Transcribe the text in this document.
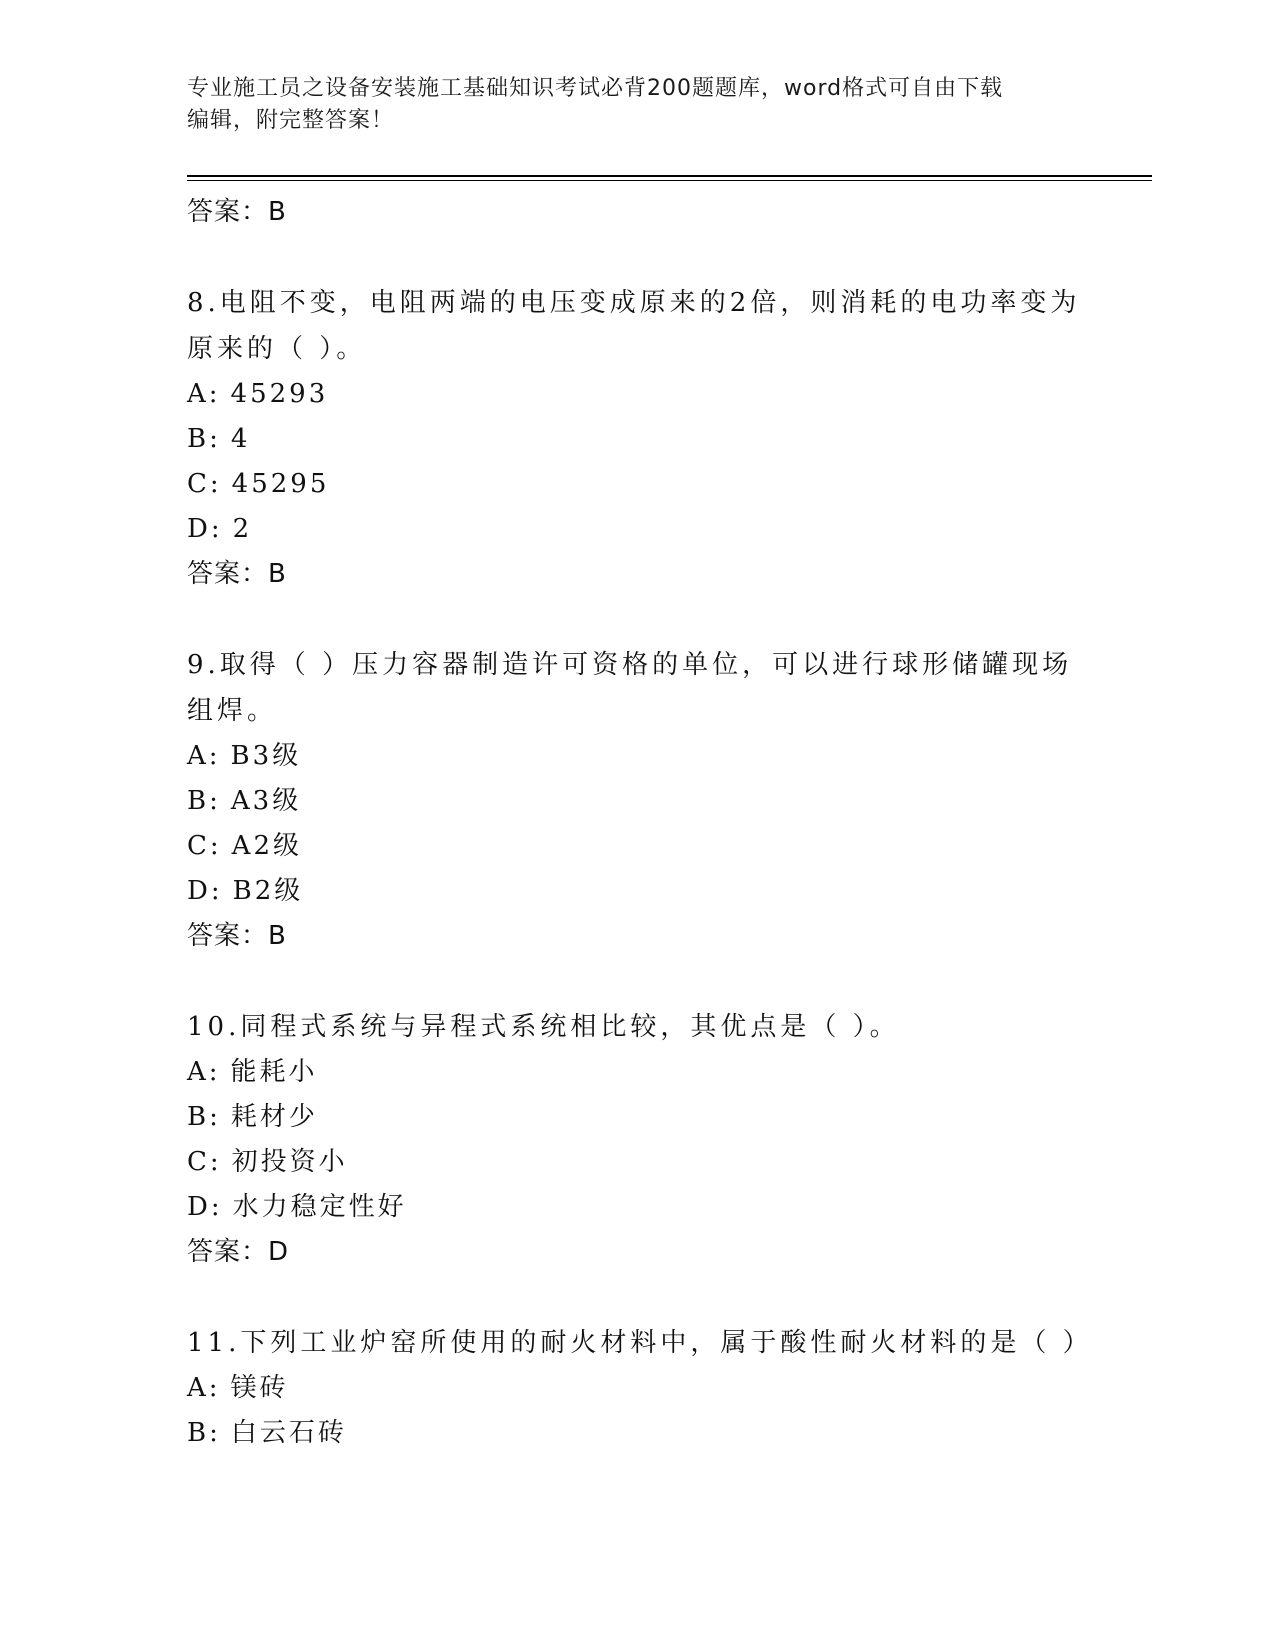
专业施工员之设备安装施工基础知识考试必背200题题库，word格式可自由下载
编辑，附完整答案！
答案：B
8.电阻不变，电阻两端的电压变成原来的2倍，则消耗的电功率变为原来的（ ）。
A: 45293
B: 4
C: 45295
D: 2
答案：B
9.取得（ ）压力容器制造许可资格的单位，可以进行球形储罐现场组焊。
A: B3级
B: A3级
C: A2级
D: B2级
答案：B
10.同程式系统与异程式系统相比较，其优点是（ ）。
A: 能耗小
B: 耗材少
C: 初投资小
D: 水力稳定性好
答案：D
11.下列工业炉窑所使用的耐火材料中，属于酸性耐火材料的是（ ）
A: 镁砖
B: 白云石砖
